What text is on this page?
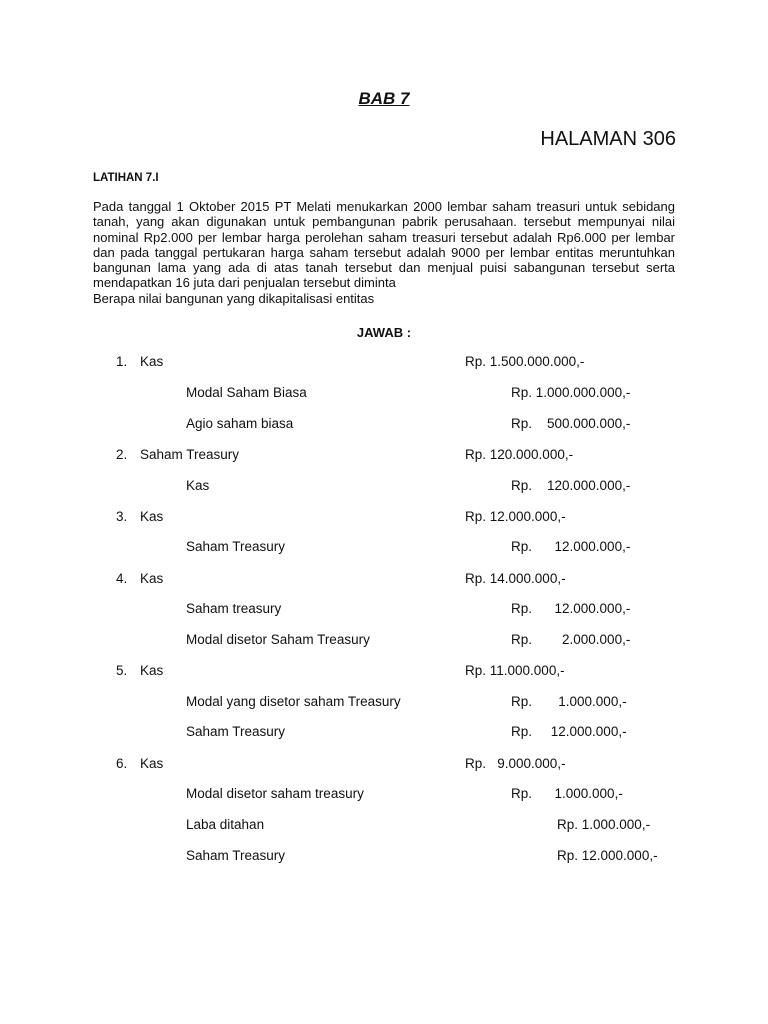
BAB 7
HALAMAN 306
LATIHAN 7.I

Pada tanggal 1 Oktober 2015 PT Melati menukarkan 2000 lembar saham treasuri untuk sebidang tanah, yang akan digunakan untuk pembangunan pabrik perusahaan. tersebut mempunyai nilai nominal Rp2.000 per lembar harga perolehan saham treasuri tersebut adalah Rp6.000 per lembar dan pada tanggal pertukaran harga saham tersebut adalah 9000 per lembar entitas meruntuhkan bangunan lama yang ada di atas tanah tersebut dan menjual puisi sabangunan tersebut serta mendapatkan 16 juta dari penjualan tersebut diminta

Berapa nilai bangunan yang dikapitalisasi entitas

JAWAB :
1. Kas	Rp. 1.500.000.000,-
Modal Saham Biasa	Rp. 1.000.000.000,-
Agio saham biasa	Rp.    500.000.000,-
2. Saham Treasury	Rp. 120.000.000,-
Kas	Rp.    120.000.000,-
3. Kas	Rp. 12.000.000,-
Saham Treasury	Rp.      12.000.000,-
4. Kas	Rp. 14.000.000,-
Saham treasury	Rp.      12.000.000,-
Modal disetor Saham Treasury	Rp.        2.000.000,-
5. Kas	Rp. 11.000.000,-
Modal yang disetor saham Treasury	Rp.       1.000.000,-
Saham Treasury	Rp.     12.000.000,-
6. Kas	Rp.   9.000.000,-
Modal disetor saham treasury	Rp.      1.000.000,-
Laba ditahan	Rp. 1.000.000,-
Saham Treasury	Rp. 12.000.000,-
